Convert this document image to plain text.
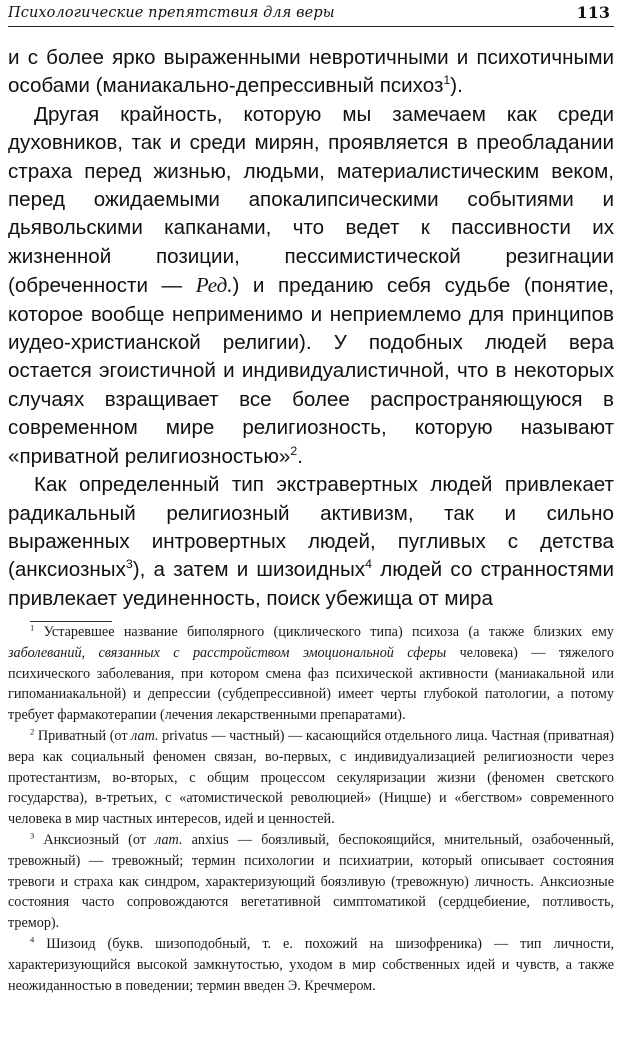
Психологические препятствия для веры	113

и с более ярко выраженными невротичными и психотичными особами (маниакально-депрессивный психоз$^1$).

Другая крайность, которую мы замечаем как среди духовников, так и среди мирян, проявляется в преобладании страха перед жизнью, людьми, материалистическим веком, перед ожидаемыми апокалипсическими событиями и дьявольскими капканами, что ведет к пассивности их жизненной позиции, пессимистической резигнации (обреченности — Ред.) и преданию себя судьбе (понятие, которое вообще неприменимо и неприемлемо для принципов иудео-христианской религии). У подобных людей вера остается эгоистичной и индивидуалистичной, что в некоторых случаях взращивает все более распространяющуюся в современном мире религиозность, которую называют «приватной религиозностью»$^2$.

Как определенный тип экстравертных людей привлекает радикальный религиозный активизм, так и сильно выраженных интровертных людей, пугливых с детства (анксиозных$^3$), а затем и шизоидных$^4$ людей со странностями привлекает уединенность, поиск убежища от мира

$^1$ Устаревшее название биполярного (циклического типа) психоза (а также близких ему заболеваний, связанных с расстройством эмоциональной сферы человека) — тяжелого психического заболевания, при котором смена фаз психической активности (маниакальной или гипоманиакальной) и депрессии (субдепрессивной) имеет черты глубокой патологии, а потому требует фармакотерапии (лечения лекарственными препаратами).

$^2$ Приватный (от лат. privatus — частный) — касающийся отдельного лица. Частная (приватная) вера как социальный феномен связан, во-первых, с индивидуализацией религиозности через протестантизм, во-вторых, с общим процессом секуляризации жизни (феномен светского государства), в-третьих, с «атомистической революцией» (Ницше) и «бегством» современного человека в мир частных интересов, идей и ценностей.

$^3$ Анксиозный (от лат. anxius — боязливый, беспокоящийся, мнительный, озабоченный, тревожный) — тревожный; термин психологии и психиатрии, который описывает состояния тревоги и страха как синдром, характеризующий боязливую (тревожную) личность. Анксиозные состояния часто сопровождаются вегетативной симптоматикой (сердцебиение, потливость, тремор).

$^4$ Шизоид (букв. шизоподобный, т. е. похожий на шизофреника) — тип личности, характеризующийся высокой замкнутостью, уходом в мир собственных идей и чувств, а также неожиданностью в поведении; термин введен Э. Кречмером.
